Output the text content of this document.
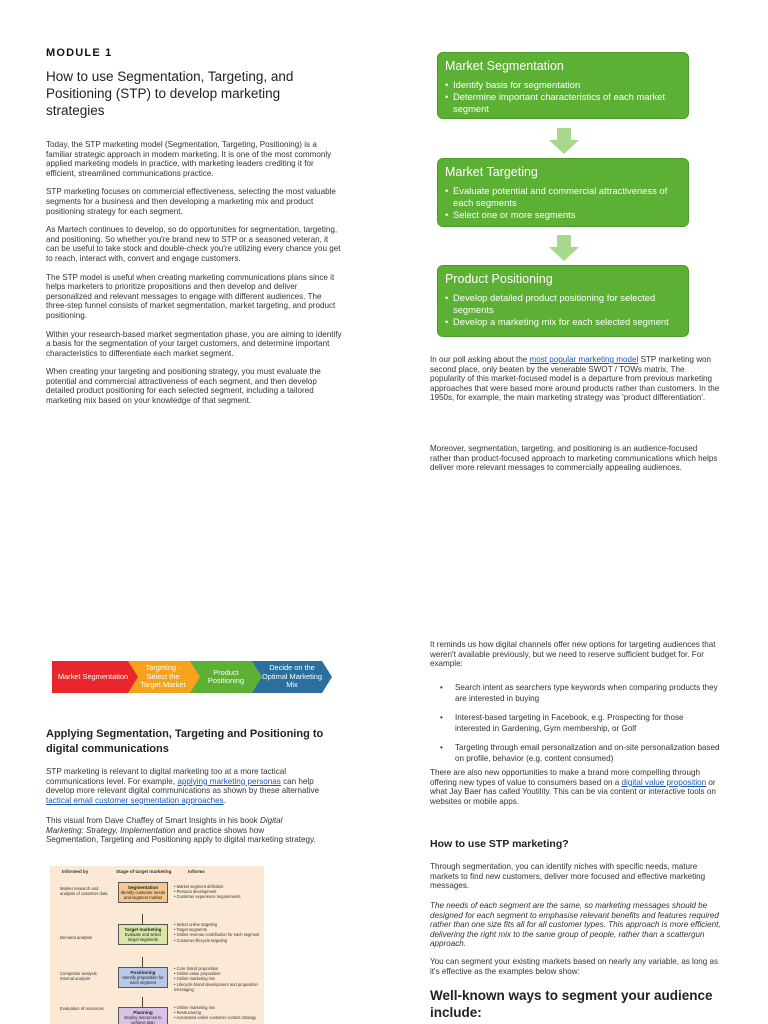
MODULE 1
How to use Segmentation, Targeting, and Positioning (STP) to develop marketing strategies

Today, the STP marketing model (Segmentation, Targeting, Positioning) is a familiar strategic approach in modern marketing. It is one of the most commonly applied marketing models in practice, with marketing leaders crediting it for efficient, streamlined communications practice.

STP marketing focuses on commercial effectiveness, selecting the most valuable segments for a business and then developing a marketing mix and product positioning strategy for each segment.

As Martech continues to develop, so do opportunities for segmentation, targeting, and positioning. So whether you're brand new to STP or a seasoned veteran, it can be useful to take stock and double-check you're utilizing every chance you get to reach, interact with, convert and engage customers.

The STP model is useful when creating marketing communications plans since it helps marketers to prioritize propositions and then develop and deliver personalized and relevant messages to engage with different audiences. The three-step funnel consists of market segmentation, market targeting, and product positioning.

Within your research-based market segmentation phase, you are aiming to identify a basis for the segmentation of your target customers, and determine important characteristics to differentiate each market segment.

When creating your targeting and positioning strategy, you must evaluate the potential and commercial attractiveness of each segment, and then develop detailed product positioning for each selected segment, including a tailored marketing mix based on your knowledge of that segment.

Market Segmentation
• Identify basis for segmentation
• Determine important characteristics of each market segment
Market Targeting
• Evaluate potential and commercial attractiveness of each segments
• Select one or more segments
Product Positioning
• Develop detailed product positioning for selected segments
• Develop a marketing mix for each selected segment

In our poll asking about the most popular marketing model STP marketing won second place, only beaten by the venerable SWOT / TOWs matrix. The popularity of this market-focused model is a departure from previous marketing approaches that were based more around products rather than customers. In the 1950s, for example, the main marketing strategy was 'product differentiation'.

Moreover, segmentation, targeting, and positioning is an audience-focused rather than product-focused approach to marketing communications which helps deliver more relevant messages to commercially appealing audiences.

Market Segmentation
Targeting - Select the Target Market
Product Positioning
Decide on the Optimal Marketing Mix
Applying Segmentation, Targeting and Positioning to digital communications

STP marketing is relevant to digital marketing too at a more tactical communications level. For example, applying marketing personas can help develop more relevant digital communications as shown by these alternative tactical email customer segmentation approaches.

This visual from Dave Chaffey of Smart Insights in his book Digital Marketing: Strategy, Implementation and practice shows how Segmentation, Targeting and Positioning apply to digital marketing strategy.

Informed by	Stage of target marketing	Informs
Market research and analysis of customer data
Segmentation
Identify customer needs and segment market
• Market segment definition
• Persona development
• Customer experience requirements
Demand analysis
Target marketing
Evaluate and select target segments
• Select online targeting
• Target segments
• Online revenue contribution for each segment
• Customer lifecycle targeting
Competitor analysis Internal analysis
Positioning
Identify proposition for each segment
• Core brand proposition
• Online value proposition
• Online marketing mix
• Lifecycle brand development and proposition messaging
Evaluation of resources
Planning
Deploy resources to achieve plan
• Online marketing mix
• Restructuring
• Automated online customer contact strategy

It reminds us how digital channels offer new options for targeting audiences that weren't available previously, but we need to reserve sufficient budget for. For example:

• Search intent as searchers type keywords when comparing products they are interested in buying
• Interest-based targeting in Facebook, e.g. Prospecting for those interested in Gardening, Gym membership, or Golf
• Targeting through email personalization and on-site personalization based on profile, behavior (e.g. content consumed)

There are also new opportunities to make a brand more compelling through offering new types of value to consumers based on a digital value proposition or what Jay Baer has called Youtility. This can be via content or interactive tools on websites or mobile apps.

How to use STP marketing?

Through segmentation, you can identify niches with specific needs, mature markets to find new customers, deliver more focused and effective marketing messages.

The needs of each segment are the same, so marketing messages should be designed for each segment to emphasise relevant benefits and features required rather than one size fits all for all customer types. This approach is more efficient, delivering the right mix to the same group of people, rather than a scattergun approach.

You can segment your existing markets based on nearly any variable, as long as it's effective as the examples below show:

Well-known ways to segment your audience include:
